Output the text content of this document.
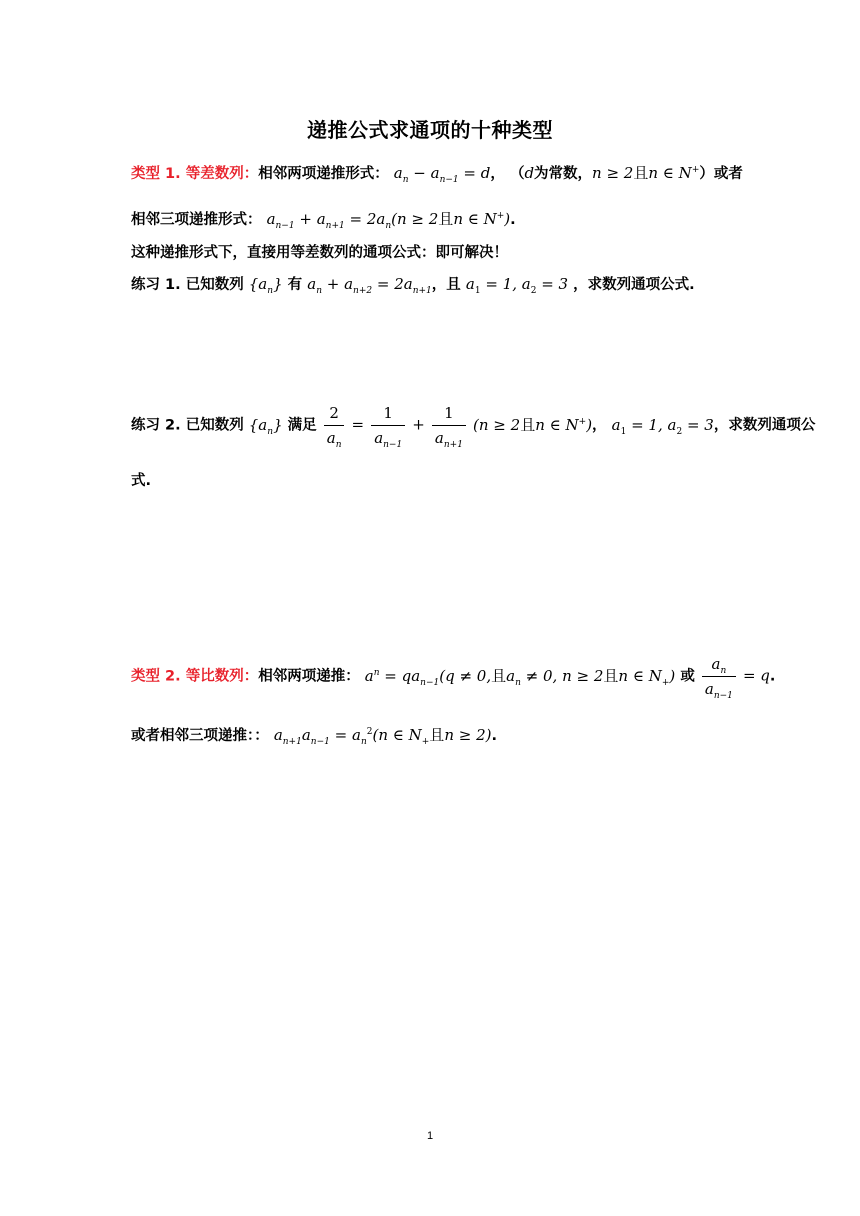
递推公式求通项的十种类型
类型 1. 等差数列：相邻两项递推形式： $a_n - a_{n-1} = d$， （d为常数，n ≥ 2且n ∈ N+）或者
相邻三项递推形式： $a_{n-1} + a_{n+1} = 2a_n(n \ge 2$且n ∈ N+).
这种递推形式下，直接用等差数列的通项公式：即可解决！
练习 1. 已知数列 $\{a_n\}$ 有 $a_n + a_{n+2} = 2a_{n+1}$，且 $a_1 = 1$, $a_2 = 3$ ，求数列通项公式.
练习 2. 已知数列 $\{a_n\}$ 满足 $\frac{2}{a_n} = \frac{1}{a_{n-1}} + \frac{1}{a_{n+1}} (n \ge 2$且n ∈ N+)， $a_1 = 1$, $a_2 = 3$，求数列通项公
式.
类型 2. 等比数列：相邻两项递推： $a^n = qa_{n-1}(q \ne 0$,且$a_n \ne 0$, n ≥ 2且n ∈ $N_+$) 或 $\frac{a_n}{a_{n-1}} = q$.
或者相邻三项递推：： $a_{n+1}a_{n-1} = a_n^2(n$ ∈ $N_+$且n ≥ 2).
1
